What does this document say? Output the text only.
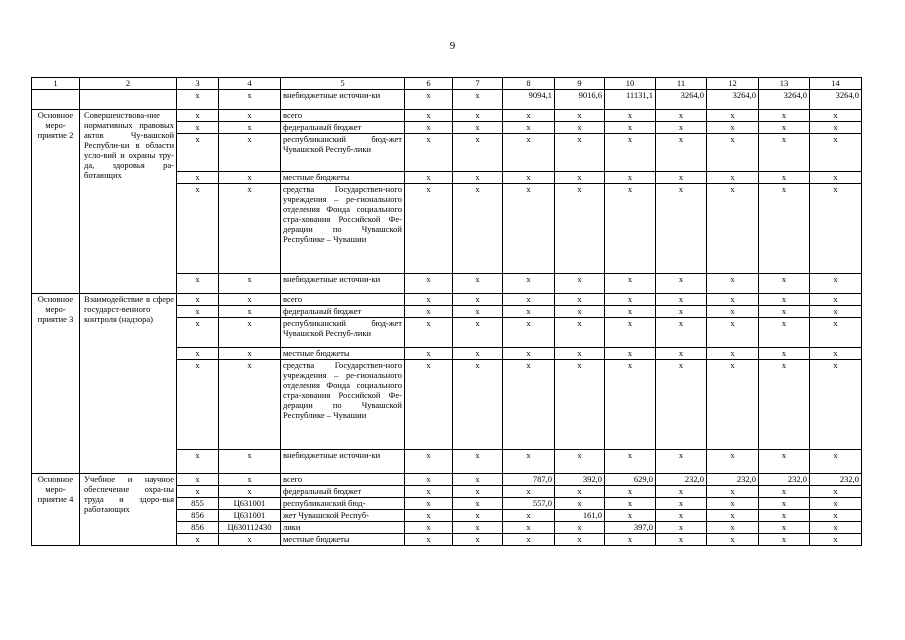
9
1	2	3	4	5	6	7	8	9	10	11	12	13	14
		х	х	внебюджетные источни-ки	х	х	9094,1	9016,6	11131,1	3264,0	3264,0	3264,0	3264,0
Основное меро-приятие 2	Совершенствова-ние нормативных правовых актов Чу-вашской Республи-ки в области усло-вий и охраны тру-да, здоровья ра-ботающих	х	х	всего	х	х	х	х	х	х	х	х	х
		х	х	федеральный бюджет	х	х	х	х	х	х	х	х	х
		х	х	республиканский бюд-жет Чувашской Респуб-лики	х	х	х	х	х	х	х	х	х
		х	х	местные бюджеты	х	х	х	х	х	х	х	х	х
		х	х	средства Государствен-ного учреждения – ре-гионального отделения Фонда социального стра-хования Российской Фе-дерации по Чувашской Республике – Чувашии	х	х	х	х	х	х	х	х	х
		х	х	внебюджетные источни-ки	х	х	х	х	х	х	х	х	х
Основное меро-приятие 3	Взаимодействие в сфере государст-венного контроля (надзора)	х	х	всего	х	х	х	х	х	х	х	х	х
		х	х	федеральный бюджет	х	х	х	х	х	х	х	х	х
		х	х	республиканский бюд-жет Чувашской Респуб-лики	х	х	х	х	х	х	х	х	х
		х	х	местные бюджеты	х	х	х	х	х	х	х	х	х
		х	х	средства Государствен-ного учреждения – ре-гионального отделения Фонда социального стра-хования Российской Фе-дерации по Чувашской Республике – Чувашии	х	х	х	х	х	х	х	х	х
		х	х	внебюджетные источни-ки	х	х	х	х	х	х	х	х	х
Основное меро-приятие 4	Учебное и научное обеспечение охра-ны труда и здоро-вья работающих	х	х	всего	х	х	787,0	392,0	629,0	232,0	232,0	232,0	232,0
		х	х	федеральный бюджет	х	х	х	х	х	х	х	х	х
		855	Ц631001	республиканский бюд-	х	х	557,0	х	х	х	х	х	х
		856	Ц631001	жет Чувашской Респуб-	х	х	х	161,0	х	х	х	х	х
		856	Ц630112430	лики	х	х	х	х	397,0	х	х	х	х
		х	х	местные бюджеты	х	х	х	х	х	х	х	х	х
